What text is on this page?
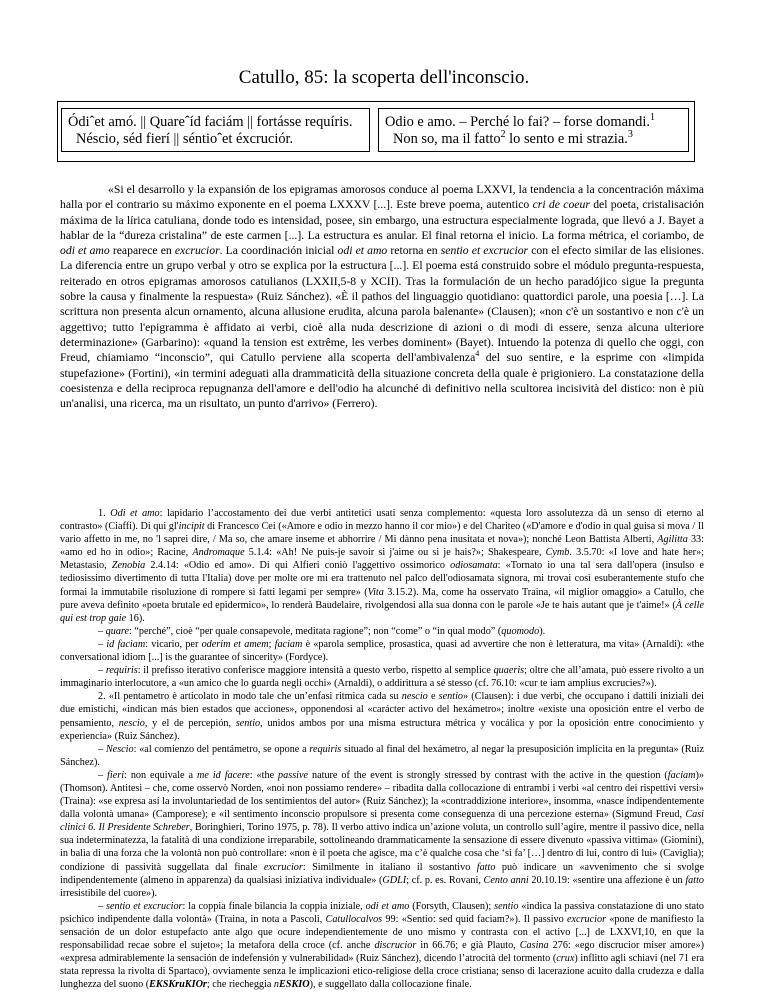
Catullo, 85: la scoperta dell'inconscio.
Ódiˆet amó. || Quareˆíd faciám || fortásse requíris.
Néscio, séd fierí || séntioˆet éxcruciór.
Odio e amo. – Perché lo fai? – forse domandi.$^1$
Non so, ma il fatto$^2$ lo sento e mi strazia.$^3$

«Si el desarrollo y la expansión de los epigramas amorosos conduce al poema LXXVI, la tendencia a la concentración máxima halla por el contrario su máximo exponente en el poema LXXXV [...]. Este breve poema, autentico cri de coeur del poeta, cristalisación máxima de la lírica catuliana, donde todo es intensidad, posee, sin embargo, una estructura especialmente lograda, que llevó a J. Bayet a hablar de la “dureza cristalina” de este carmen [...]. La estructura es anular. El final retorna el inicio. La forma métrica, el coriambo, de odi et amo reaparece en excrucior. La coordinación inicial odi et amo retorna en sentio et excrucior con el efecto similar de las elisiones. La diferencia entre un grupo verbal y otro se explica por la estructura [...]. El poema está construido sobre el módulo pregunta-respuesta, reiterado en otros epigramas amorosos catulianos (LXXII,5-8 y XCII). Tras la formulación de un hecho paradójico sigue la pregunta sobre la causa y finalmente la respuesta» (Ruiz Sánchez). «È il pathos del linguaggio quotidiano: quattordici parole, una poesia […]. La scrittura non presenta alcun ornamento, alcuna allusione erudita, alcuna parola balenante» (Clausen); «non c'è un sostantivo e non c'è un aggettivo; tutto l'epigramma è affidato ai verbi, cioè alla nuda descrizione di azioni o di modi di essere, senza alcuna ulteriore determinazione» (Garbarino): «quand la tension est extrême, les verbes dominent» (Bayet). Intuendo la potenza di quello che oggi, con Freud, chiamiamo “inconscio”, qui Catullo perviene alla scoperta dell'ambivalenza$^4$ del suo sentire, e la esprime con «limpida stupefazione» (Fortini), «in termini adeguati alla drammaticità della situazione concreta della quale è prigioniero. La constatazione della coesistenza e della reciproca repugnanza dell'amore e dell'odio ha alcunché di definitivo nella scultorea incisività del distico: non è più un'analisi, una ricerca, ma un risultato, un punto d'arrivo» (Ferrero).

1. Odi et amo: lapidario l’accostamento dei due verbi antitetici usati senza complemento: «questa loro assolutezza dà un senso di eterno al contrasto» (Ciaffi). Di qui gl'incipit di Francesco Cei («Amore e odio in mezzo hanno il cor mio») e del Chariteo («D'amore e d'odio in qual guisa si mova / Il vario affetto in me, no 'l saprei dire, / Ma so, che amare inseme et abhorrire / Mi dànno pena inusitata et nova»); nonché Leon Battista Alberti, Agilitta 33: «amo ed ho in odio»; Racine, Andromaque 5.1.4: «Ah! Ne puis-je savoir si j'aime ou si je hais?»; Shakespeare, Cymb. 3.5.70: «I love and hate her»; Metastasio, Zenobia 2.4.14: «Odio ed amo». Di qui Alfieri coniò l'aggettivo ossimorico odiosamata: «Tornato io una tal sera dall'opera (insulso e tediosissimo divertimento di tutta l'Italia) dove per molte ore mi era trattenuto nel palco dell'odiosamata signora, mi trovai così esuberantemente stufo che formai la immutabile risoluzione di rompere sì fatti legami per sempre» (Vita 3.15.2). Ma, come ha osservato Traina, «il miglior omaggio» a Catullo, che pure aveva definito «poeta brutale ed epidermico», lo renderà Baudelaire, rivolgendosi alla sua donna con le parole «Je te hais autant que je t'aime!» (À celle qui est trop gaie 16).

– quare: “perché”, cioè “per quale consapevole, meditata ragione”; non “come” o “in qual modo” (quomodo).

– id faciam: vicario, per oderim et amem; faciam è «parola semplice, prosastica, quasi ad avvertire che non è letteratura, ma vita» (Arnaldi): «the conversational idiom [...] is the guarantee of sincerity» (Fordyce).

– requiris: il prefisso iterativo conferisce maggiore intensità a questo verbo, rispetto al semplice quaeris; oltre che all’amata, può essere rivolto a un immaginario interlocutore, a «un amico che lo guarda negli occhi» (Arnaldi), o addirittura a sé stesso (cf. 76.10: «cur te iam amplius excrucies?»).

2. «Il pentametro è articolato in modo tale che un’enfasi ritmica cada su nescio e sentio» (Clausen): i due verbi, che occupano i dattili iniziali dei due emistichi, «indican más bien estados que acciones», opponendosi al «carácter activo del hexámetro»; inoltre «existe una oposición entre el verbo de pensamiento, nescio, y el de percepión, sentio, unidos ambos por una misma estructura métrica y vocálica y por la oposición entre conocimiento y experiencia» (Ruiz Sánchez).

– Nescio: «al comienzo del pentámetro, se opone a requiris situado al final del hexámetro, al negar la presuposición implícita en la pregunta» (Ruiz Sánchez).

– fieri: non equivale a me id facere: «the passive nature of the event is strongly stressed by contrast with the active in the question (faciam)» (Thomson). Antitesi – che, come osservò Norden, «noi non possiamo rendere» – ribadita dalla collocazione di entrambi i verbi «al centro dei rispettivi versi» (Traina): «se expresa así la involuntariedad de los sentimientos del autor» (Ruiz Sánchez); la «contraddizione interiore», insomma, «nasce indipendentemente dalla volontà umana» (Camporese); e «il sentimento inconscio propulsore si presenta come conseguenza di una percezione esterna» (Sigmund Freud, Casi clinici 6. Il Presidente Schreber, Boringhieri, Torino 1975, p. 78). Il verbo attivo indica un’azione voluta, un controllo sull’agire, mentre il passivo dice, nella sua indeterminatezza, la fatalità di una condizione irreparabile, sottolineando drammaticamente la sensazione di essere divenuto «passiva vittima» (Giomini), in balìa di una forza che la volontà non può controllare: «non è il poeta che agisce, ma c’è qualche cosa che ‘si fa’ […] dentro di lui, contro di lui» (Caviglia); condizione di passività suggellata dal finale excrucior: Similmente in italiano il sostantivo fatto può indicare un «avvenimento che si svolge indipendentemente (almeno in apparenza) da qualsiasi iniziativa individuale» (GDLI; cf. p. es. Rovani, Cento anni 20.10.19: «sentire una affezione è un fatto irresistibile del cuore»).

– sentio et excrucior: la coppia finale bilancia la coppia iniziale, odi et amo (Forsyth, Clausen); sentio «indica la passiva constatazione di uno stato psichico indipendente dalla volontà» (Traina, in nota a Pascoli, Catullocalvos 99: «Sentio: sed quid faciam?»). Il passivo excrucior «pone de manifiesto la sensación de un dolor estupefacto ante algo que ocure independientemente de uno mismo y contrasta con el activo [...] de LXXVI,10, en que la responsabilidad recae sobre el sujeto»; la metafora della croce (cf. anche discrucior in 66.76; e già Plauto, Casina 276: «ego discrucior miser amore») «expresa admirablemente la sensación de indefensión y vulnerabilidad» (Ruiz Sánchez), dicendo l’atrocità del tormento (crux) inflitto agli schiavi (nel 71 era stata repressa la rivolta di Spartaco), ovviamente senza le implicazioni etico-religiose della croce cristiana; senso di lacerazione acuito dalla crudezza e dalla lunghezza del suono (EKSKruKIOr; che riecheggia nESKIO), e suggellato dalla collocazione finale.
